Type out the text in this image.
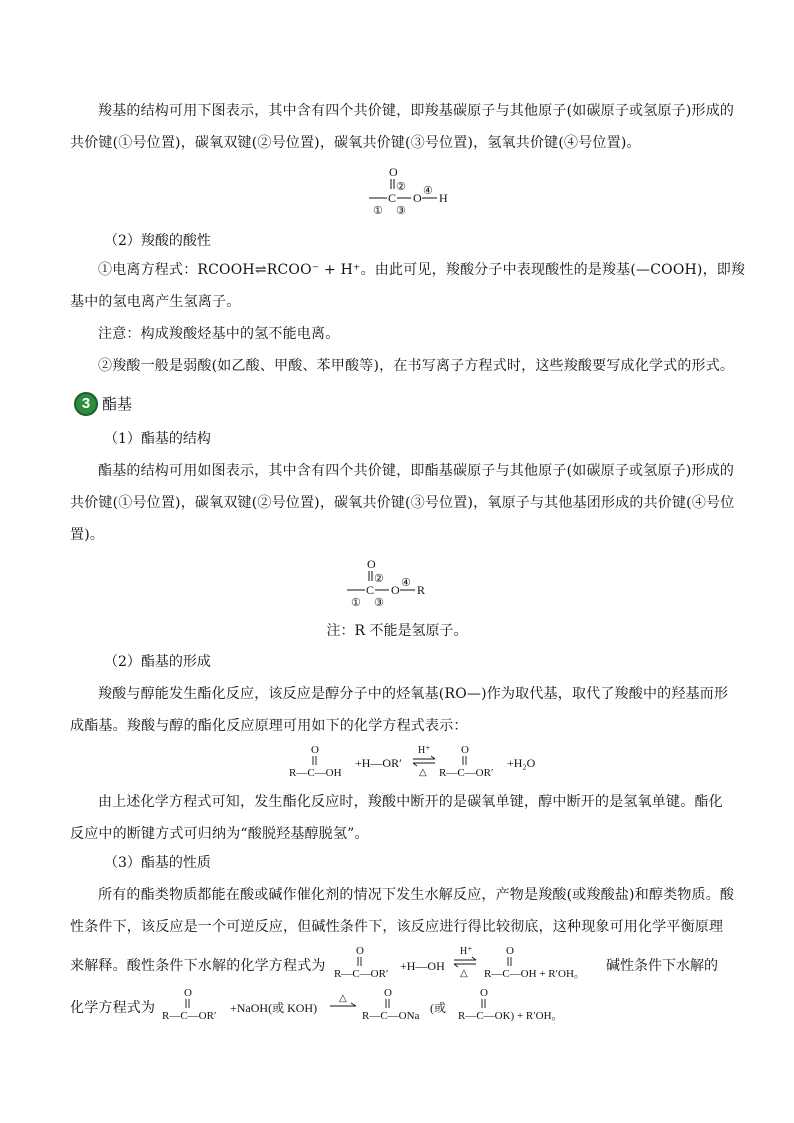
羧基的结构可用下图表示，其中含有四个共价键，即羧基碳原子与其他原子(如碳原子或氢原子)形成的
共价键(①号位置)，碳氧双键(②号位置)，碳氧共价键(③号位置)，氢氧共价键(④号位置)。
O
②
C O ④ H
① ③
（2）羧酸的酸性
①电离方程式：RCOOH⇌RCOO⁻ + H⁺。由此可见，羧酸分子中表现酸性的是羧基(—COOH)，即羧
基中的氢电离产生氢离子。
注意：构成羧酸烃基中的氢不能电离。
②羧酸一般是弱酸(如乙酸、甲酸、苯甲酸等)，在书写离子方程式时，这些羧酸要写成化学式的形式。
3 酯基
（1）酯基的结构
酯基的结构可用如图表示，其中含有四个共价键，即酯基碳原子与其他原子(如碳原子或氢原子)形成的
共价键(①号位置)，碳氧双键(②号位置)，碳氧共价键(③号位置)，氧原子与其他基团形成的共价键(④号位
置)。
O
②
C O ④ R
① ③
注：R 不能是氢原子。
（2）酯基的形成
羧酸与醇能发生酯化反应，该反应是醇分子中的烃氧基(RO—)作为取代基，取代了羧酸中的羟基而形
成酯基。羧酸与醇的酯化反应原理可用如下的化学方程式表示：
O
R—C—OH
+H—OR′
H⁺
△
O
R—C—OR′
+H₂O
由上述化学方程式可知，发生酯化反应时，羧酸中断开的是碳氧单键，醇中断开的是氢氧单键。酯化
反应中的断键方式可归纳为“酸脱羟基醇脱氢”。
（3）酯基的性质
所有的酯类物质都能在酸或碱作催化剂的情况下发生水解反应，产物是羧酸(或羧酸盐)和醇类物质。酸
性条件下，该反应是一个可逆反应，但碱性条件下，该反应进行得比较彻底，这种现象可用化学平衡原理
来解释。酸性条件下水解的化学方程式为
O
R—C—OR′
+H—OH
H⁺
△
O
R—C—OH + R′OH。 碱性条件下水解的
化学方程式为
O
R—C—OR′
+NaOH(或 KOH)
△	O
R—C—ONa
(或
O
R—C—OK) + R′OH。
